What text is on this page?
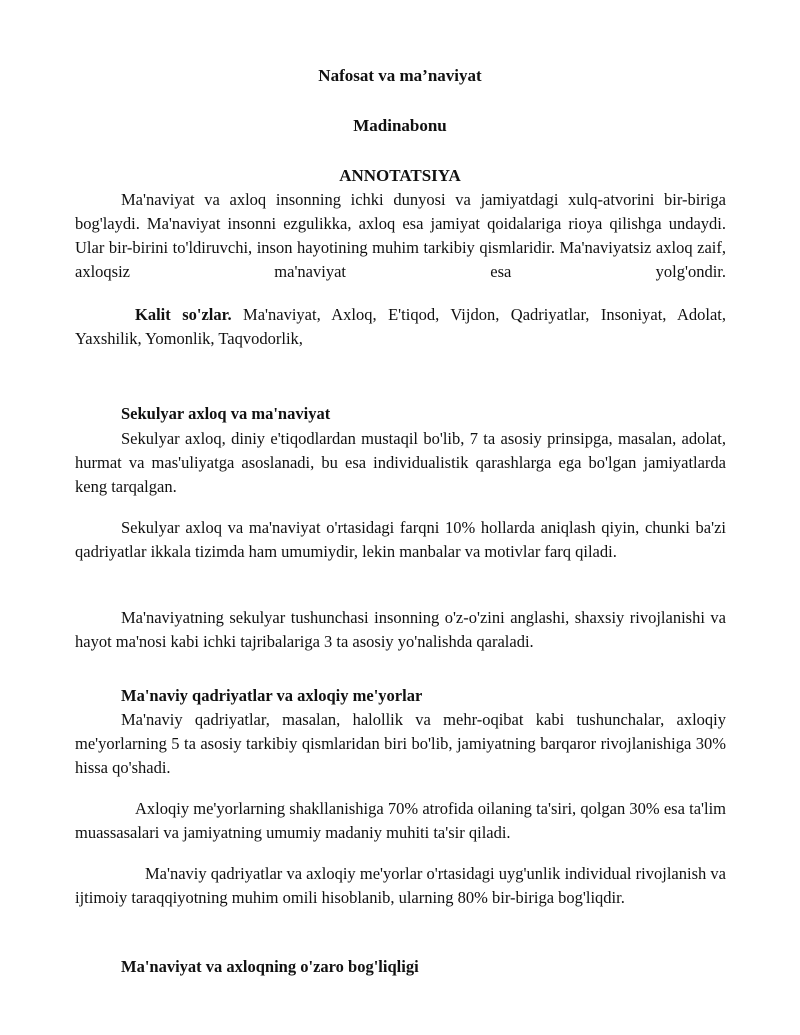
Nafosat va ma’naviyat

Madinabonu

ANNOTATSIYA

Ma'naviyat va axloq insonning ichki dunyosi va jamiyatdagi xulq-atvorini bir-biriga bog'laydi. Ma'naviyat insonni ezgulikka, axloq esa jamiyat qoidalariga rioya qilishga undaydi. Ular bir-birini to'ldiruvchi, inson hayotining muhim tarkibiy qismlaridir. Ma'naviyatsiz axloq zaif, axloqsiz ma'naviyat esa yolg'ondir.

Kalit so'zlar. Ma'naviyat, Axloq, E'tiqod, Vijdon, Qadriyatlar, Insoniyat, Adolat, Yaxshilik, Yomonlik, Taqvodorlik,

Sekulyar axloq va ma'naviyat

Sekulyar axloq, diniy e'tiqodlardan mustaqil bo'lib, 7 ta asosiy prinsipga, masalan, adolat, hurmat va mas'uliyatga asoslanadi, bu esa individualistik qarashlarga ega bo'lgan jamiyatlarda keng tarqalgan.

Sekulyar axloq va ma'naviyat o'rtasidagi farqni 10% hollarda aniqlash qiyin, chunki ba'zi qadriyatlar ikkala tizimda ham umumiydir, lekin manbalar va motivlar farq qiladi.

Ma'naviyatning sekulyar tushunchasi insonning o'z-o'zini anglashi, shaxsiy rivojlanishi va hayot ma'nosi kabi ichki tajribalariga 3 ta asosiy yo'nalishda qaraladi.

Ma'naviy qadriyatlar va axloqiy me'yorlar

Ma'naviy qadriyatlar, masalan, halollik va mehr-oqibat kabi tushunchalar, axloqiy me'yorlarning 5 ta asosiy tarkibiy qismlaridan biri bo'lib, jamiyatning barqaror rivojlanishiga 30% hissa qo'shadi.

Axloqiy me'yorlarning shakllanishiga 70% atrofida oilaning ta'siri, qolgan 30% esa ta'lim muassasalari va jamiyatning umumiy madaniy muhiti ta'sir qiladi.

Ma'naviy qadriyatlar va axloqiy me'yorlar o'rtasidagi uyg'unlik individual rivojlanish va ijtimoiy taraqqiyotning muhim omili hisoblanib, ularning 80% bir-biriga bog'liqdir.

Ma'naviyat va axloqning o'zaro bog'liqligi
